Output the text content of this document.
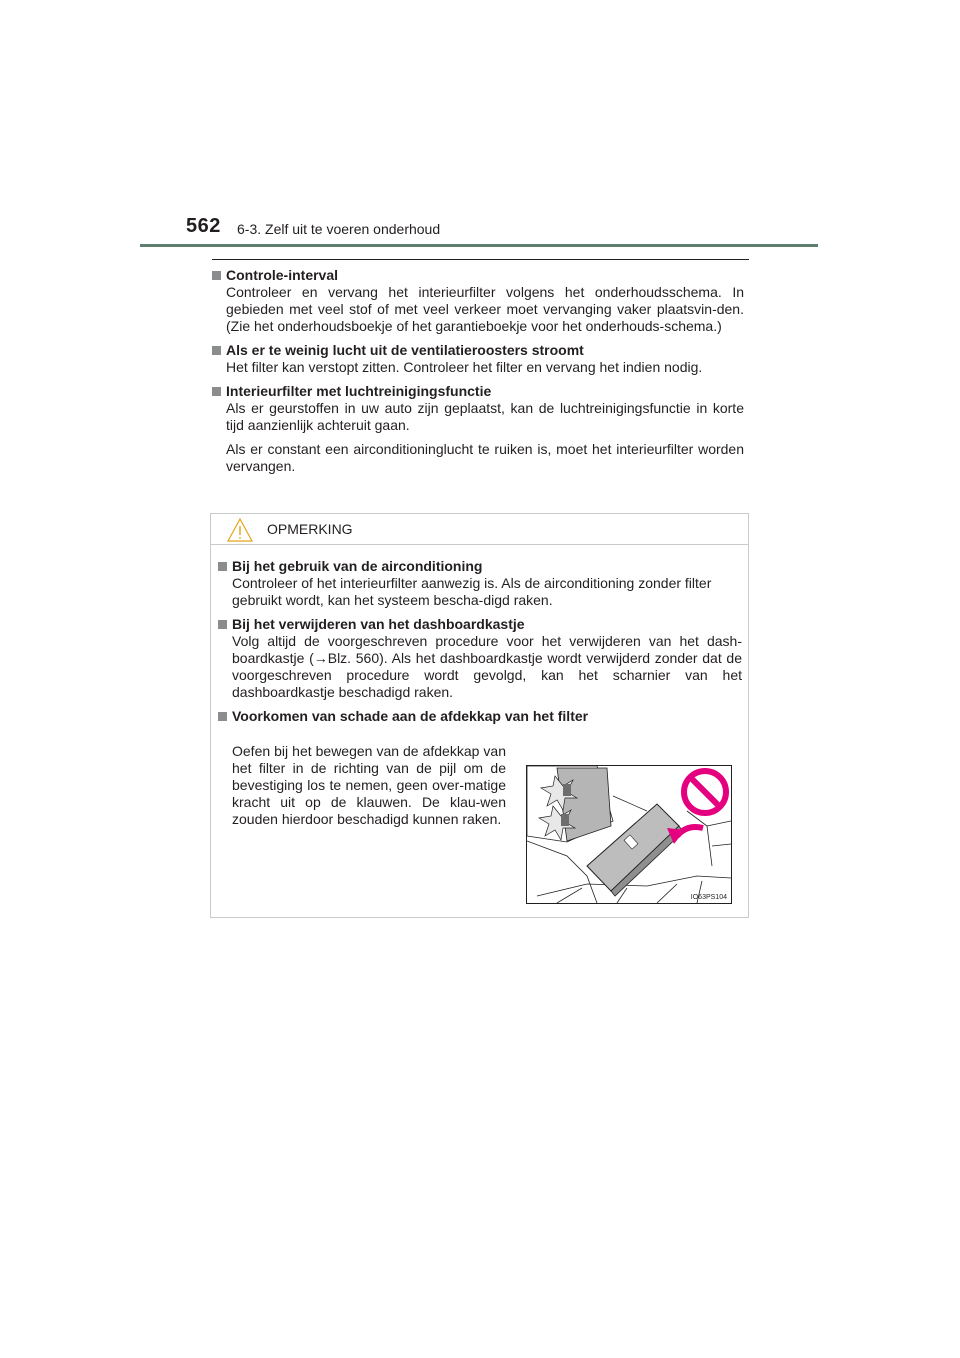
562 6-3. Zelf uit te voeren onderhoud
Controle-interval

Controleer en vervang het interieurfilter volgens het onderhoudsschema. In gebieden met veel stof of met veel verkeer moet vervanging vaker plaatsvin-den. (Zie het onderhoudsboekje of het garantieboekje voor het onderhouds-schema.)

Als er te weinig lucht uit de ventilatieroosters stroomt

Het filter kan verstopt zitten. Controleer het filter en vervang het indien nodig.

Interieurfilter met luchtreinigingsfunctie

Als er geurstoffen in uw auto zijn geplaatst, kan de luchtreinigingsfunctie in korte tijd aanzienlijk achteruit gaan.

Als er constant een airconditioninglucht te ruiken is, moet het interieurfilter worden vervangen.

OPMERKING
Bij het gebruik van de airconditioning

Controleer of het interieurfilter aanwezig is. Als de airconditioning zonder filter gebruikt wordt, kan het systeem bescha-digd raken.

Bij het verwijderen van het dashboardkastje

Volg altijd de voorgeschreven procedure voor het verwijderen van het dash-boardkastje (→Blz. 560). Als het dashboardkastje wordt verwijderd zonder dat de voorgeschreven procedure wordt gevolgd, kan het scharnier van het dashboardkastje beschadigd raken.

Voorkomen van schade aan de afdekkap van het filter
Oefen bij het bewegen van de afdekkap van het filter in de richting van de pijl om de bevestiging los te nemen, geen over-matige kracht uit op de klauwen. De klau-wen zouden hierdoor beschadigd kunnen raken.
IO63PS104
